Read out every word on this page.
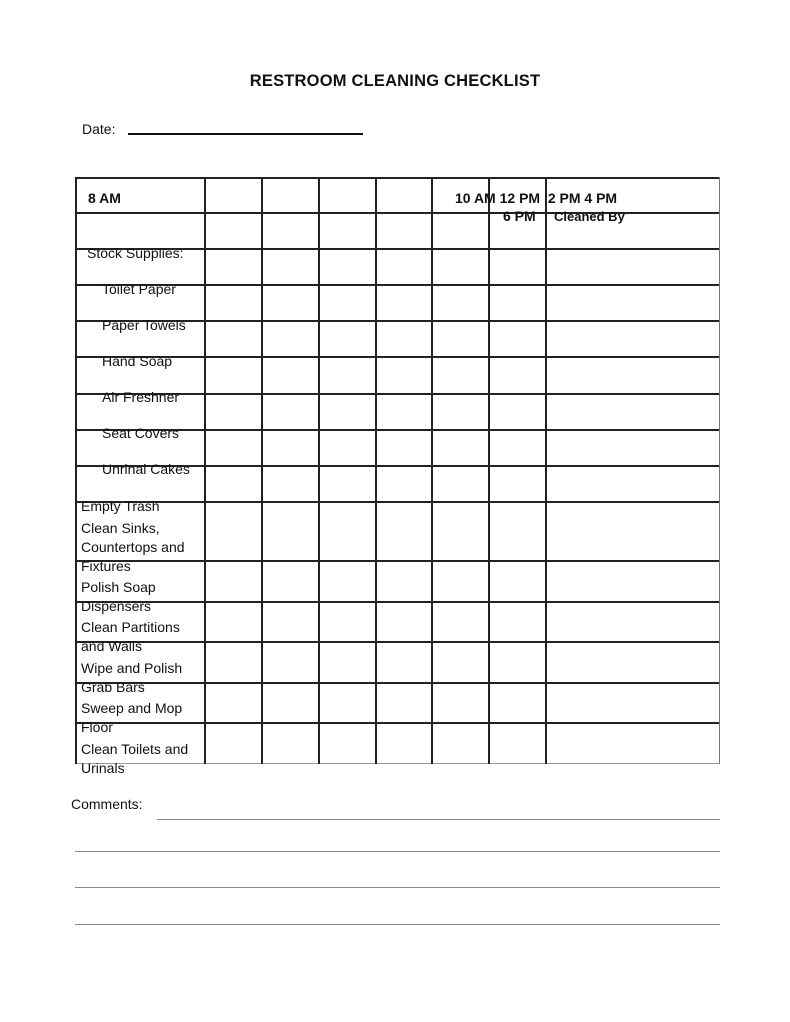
RESTROOM CLEANING CHECKLIST
Date:
8 AM	10 AM 12 PM  2 PM 4 PM
6 PM Cleaned By
Stock Supplies:
Toilet Paper
Paper Towels
Hand Soap
Air Freshner
Seat Covers
Unrinal Cakes
Empty Trash
Clean Sinks,
Countertops and
Fixtures
Polish Soap
Dispensers
Clean Partitions
and Walls
Wipe and Polish
Grab Bars
Sweep and Mop
Floor
Clean Toilets and
Urinals
Comments:
